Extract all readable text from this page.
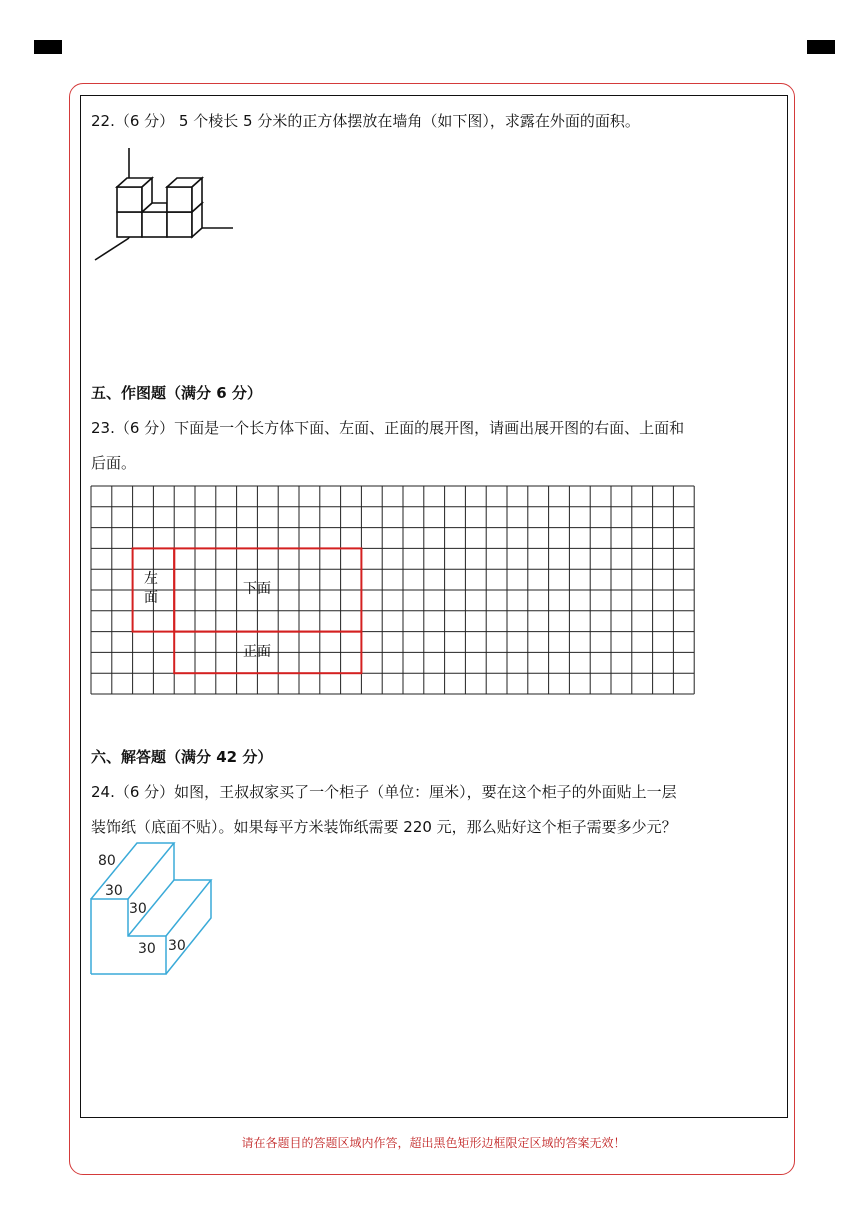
22.（6 分） 5 个棱长 5 分米的正方体摆放在墙角（如下图），求露在外面的面积。
五、作图题（满分 6 分）
23.（6 分）下面是一个长方体下面、左面、正面的展开图，请画出展开图的右面、上面和
后面。
左
面
下面
正面
六、解答题（满分 42 分）
24.（6 分）如图，王叔叔家买了一个柜子（单位：厘米），要在这个柜子的外面贴上一层
装饰纸（底面不贴）。如果每平方米装饰纸需要 220 元，那么贴好这个柜子需要多少元？
80
30
30
30 30
请在各题目的答题区域内作答，超出黑色矩形边框限定区域的答案无效！
